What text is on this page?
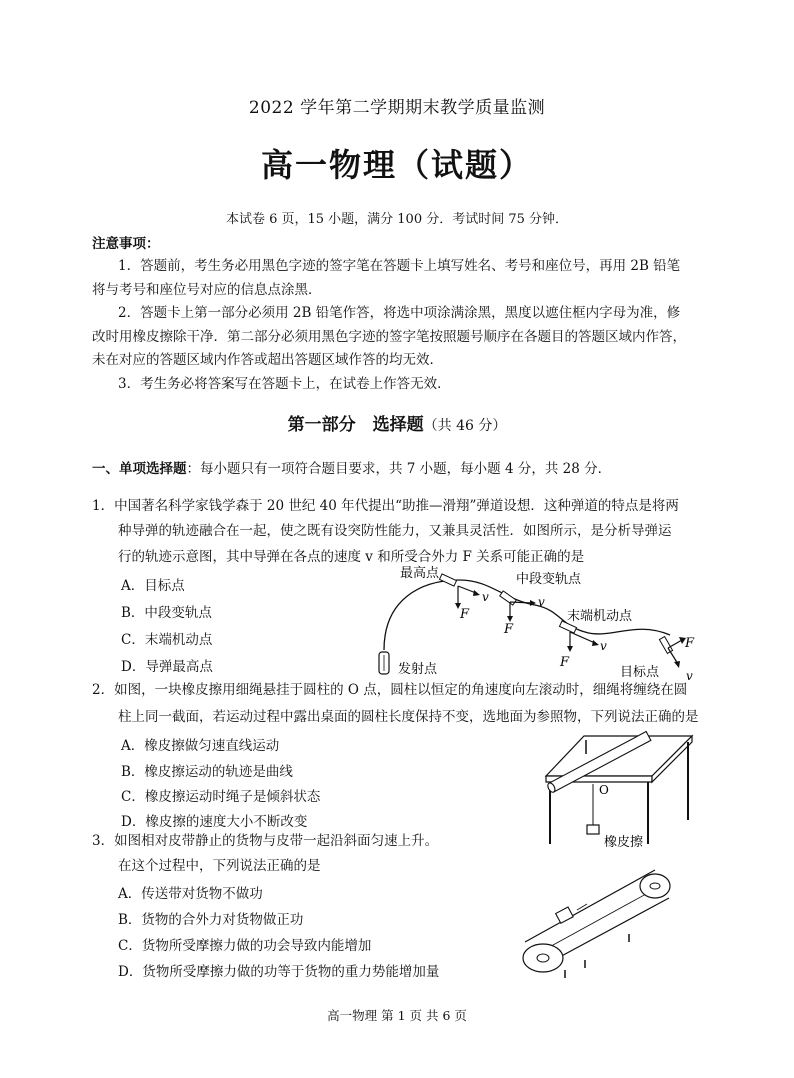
2022 学年第二学期期末教学质量监测
高一物理（试题）
本试卷 6 页，15 小题，满分 100 分．考试时间 75 分钟．
注意事项：
1．答题前，考生务必用黑色字迹的签字笔在答题卡上填写姓名、考号和座位号，再用 2B 铅笔
将与考号和座位号对应的信息点涂黑．
2．答题卡上第一部分必须用 2B 铅笔作答，将选中项涂满涂黑，黑度以遮住框内字母为准，修
改时用橡皮擦除干净．第二部分必须用黑色字迹的签字笔按照题号顺序在各题目的答题区域内作答，
未在对应的答题区域内作答或超出答题区域作答的均无效．
3．考生务必将答案写在答题卡上，在试卷上作答无效．
第一部分　选择题（共 46 分）
一、单项选择题：每小题只有一项符合题目要求，共 7 小题，每小题 4 分，共 28 分．
1．中国著名科学家钱学森于 20 世纪 40 年代提出“助推—滑翔”弹道设想．这种弹道的特点是将两
种导弹的轨迹融合在一起，使之既有设突防性能力，又兼具灵活性．如图所示，是分析导弹运
行的轨迹示意图，其中导弹在各点的速度 v 和所受合外力 F 关系可能正确的是
A．目标点
B．中段变轨点
C．末端机动点
D．导弹最高点
最高点	中段变轨点
末端机动点
发射点	目标点
F
v
F
v
F
v	F
v
2．如图，一块橡皮擦用细绳悬挂于圆柱的 O 点，圆柱以恒定的角速度向左滚动时，细绳将缠绕在圆
柱上同一截面，若运动过程中露出桌面的圆柱长度保持不变，选地面为参照物，下列说法正确的是
A．橡皮擦做匀速直线运动
B．橡皮擦运动的轨迹是曲线
C．橡皮擦运动时绳子是倾斜状态
D．橡皮擦的速度大小不断改变
O
橡皮擦
3．如图相对皮带静止的货物与皮带一起沿斜面匀速上升。
在这个过程中，下列说法正确的是
A．传送带对货物不做功
B．货物的合外力对货物做正功
C．货物所受摩擦力做的功会导致内能增加
D．货物所受摩擦力做的功等于货物的重力势能增加量
高一物理 第 1 页 共 6 页
